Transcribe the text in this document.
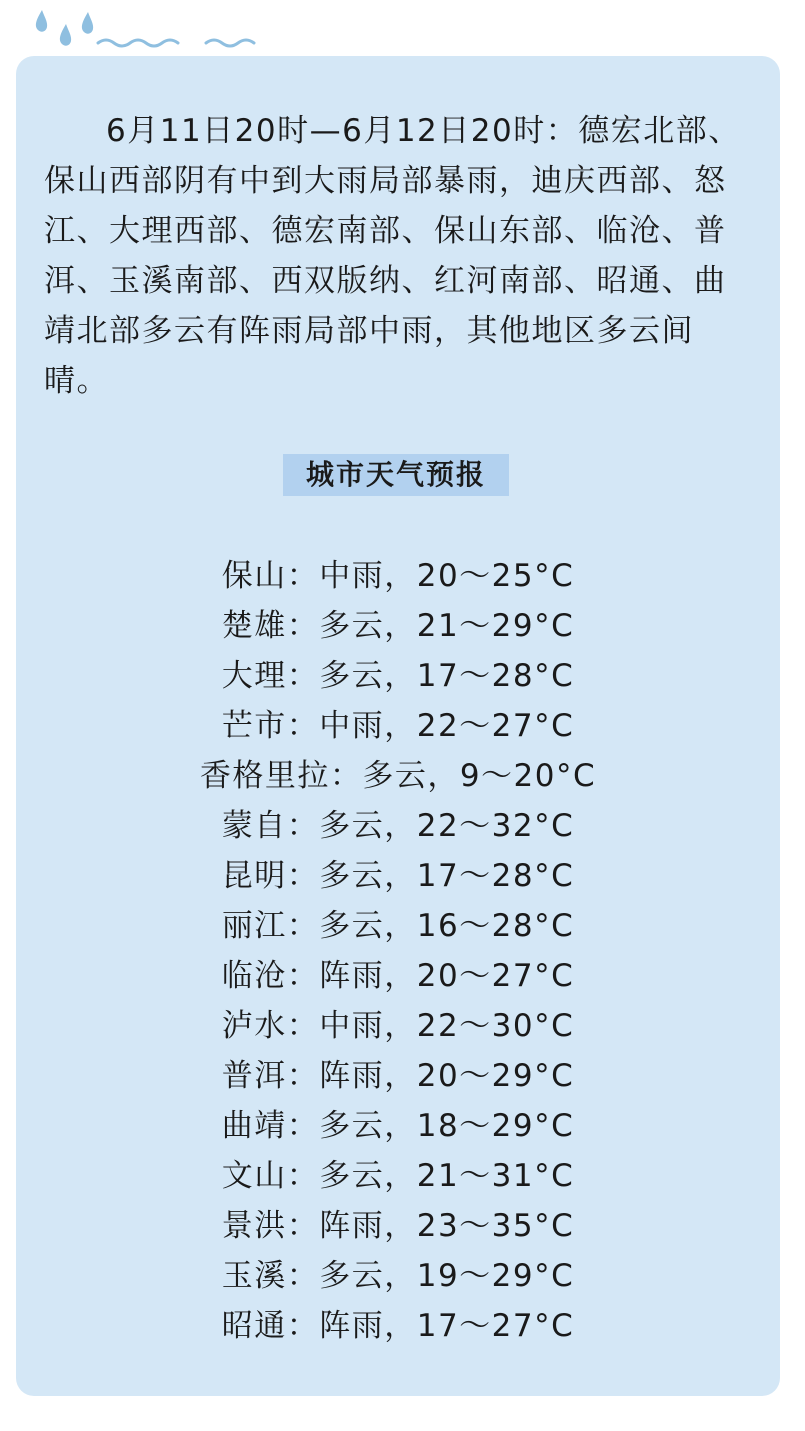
6月11日20时—6月12日20时：德宏北部、保山西部阴有中到大雨局部暴雨，迪庆西部、怒江、大理西部、德宏南部、保山东部、临沧、普洱、玉溪南部、西双版纳、红河南部、昭通、曲靖北部多云有阵雨局部中雨，其他地区多云间晴。

城市天气预报
保山：中雨，20～25°C
楚雄：多云，21～29°C
大理：多云，17～28°C
芒市：中雨，22～27°C
香格里拉：多云，9～20°C
蒙自：多云，22～32°C
昆明：多云，17～28°C
丽江：多云，16～28°C
临沧：阵雨，20～27°C
泸水：中雨，22～30°C
普洱：阵雨，20～29°C
曲靖：多云，18～29°C
文山：多云，21～31°C
景洪：阵雨，23～35°C
玉溪：多云，19～29°C
昭通：阵雨，17～27°C
